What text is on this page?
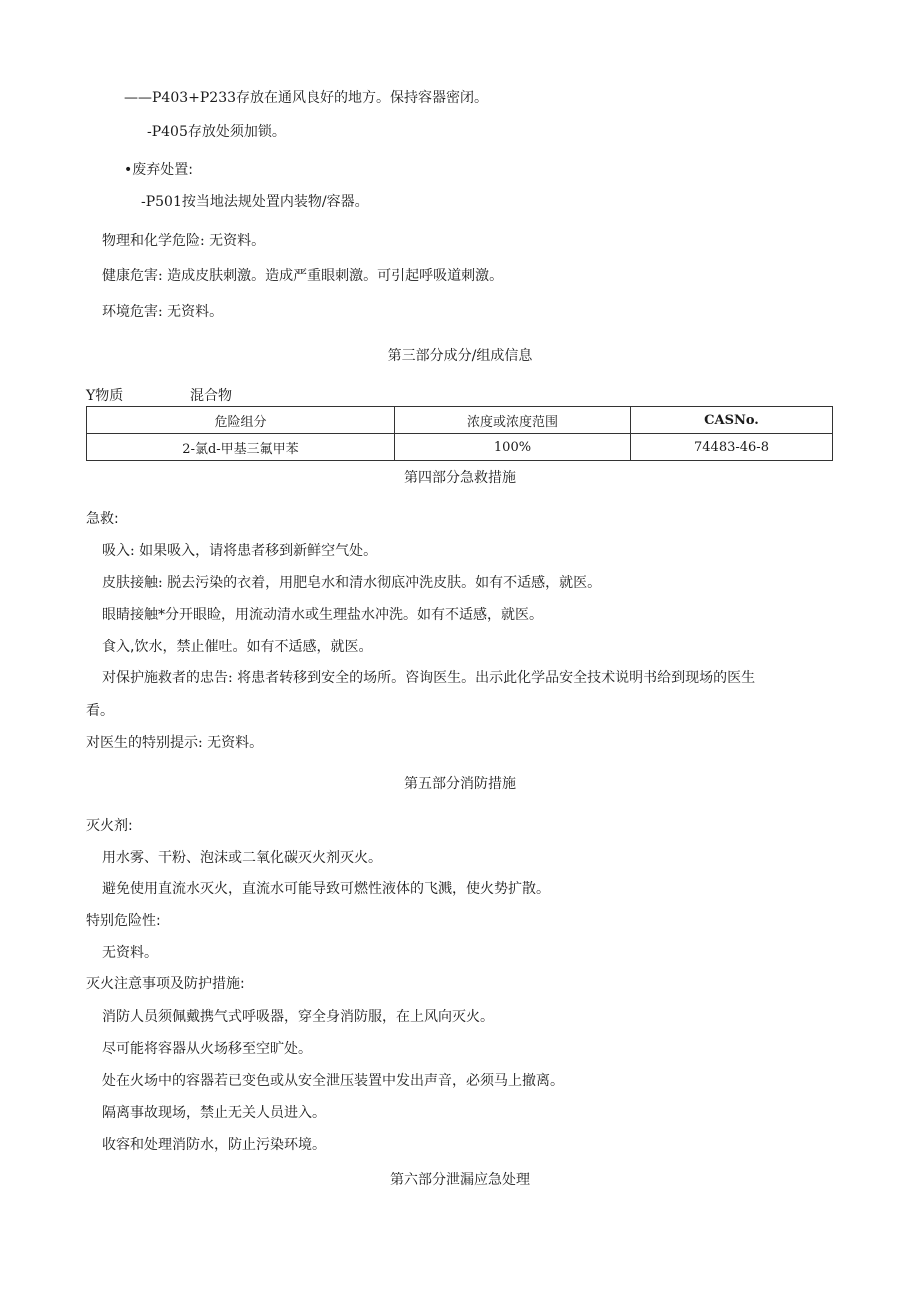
——P403+P233存放在通风良好的地方。保持容器密闭。
-P405存放处须加锁。
•废弃处置:
-P501按当地法规处置内装物/容器。
物理和化学危险: 无资料。
健康危害: 造成皮肤刺激。造成严重眼刺激。可引起呼吸道刺激。
环境危害: 无资料。
第三部分成分/组成信息
Y物质	混合物
危险组分	浓度或浓度范围	CASNo.
2-氯d-甲基三氟甲苯	100%	74483-46-8
第四部分急救措施
急救:
吸入: 如果吸入，请将患者移到新鲜空气处。
皮肤接触: 脱去污染的衣着，用肥皂水和清水彻底冲洗皮肤。如有不适感，就医。
眼睛接触*分开眼睑，用流动清水或生理盐水冲洗。如有不适感，就医。
食入,饮水，禁止催吐。如有不适感，就医。
对保护施救者的忠告: 将患者转移到安全的场所。咨询医生。出示此化学品安全技术说明书给到现场的医生
看。
对医生的特别提示: 无资料。
第五部分消防措施
灭火剂:
用水雾、干粉、泡沫或二氧化碳灭火剂灭火。
避免使用直流水灭火，直流水可能导致可燃性液体的飞溅，使火势扩散。
特别危险性:
无资料。
灭火注意事项及防护措施:
消防人员须佩戴携气式呼吸器，穿全身消防服，在上风向灭火。
尽可能将容器从火场移至空旷处。
处在火场中的容器若已变色或从安全泄压装置中发出声音，必须马上撤离。
隔离事故现场，禁止无关人员进入。
收容和处理消防水，防止污染环境。
第六部分泄漏应急处理
